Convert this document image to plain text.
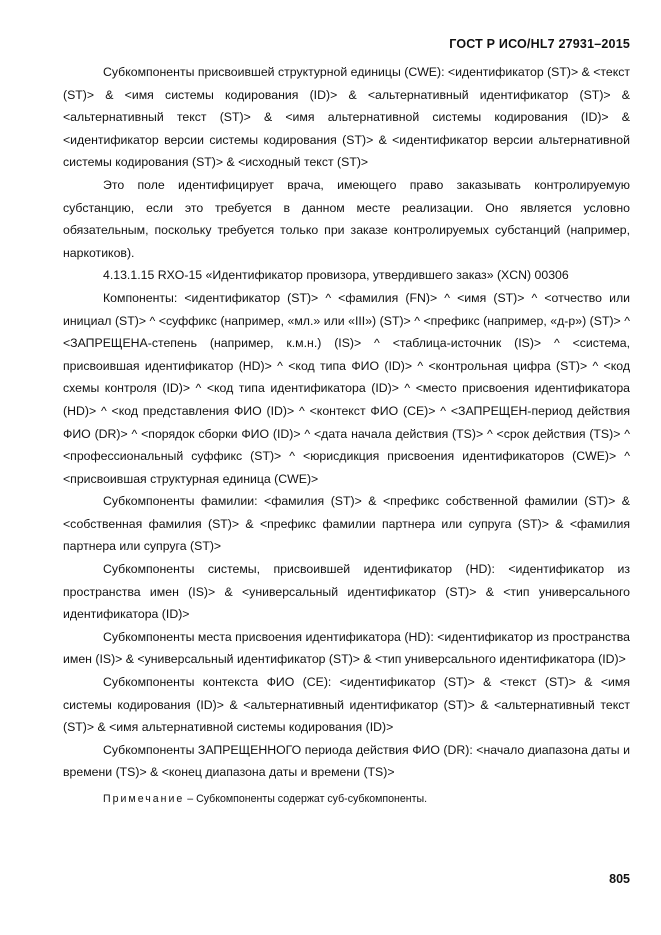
ГОСТ Р ИСО/HL7 27931–2015

Субкомпоненты присвоившей структурной единицы (CWE): <идентификатор (ST)> & <текст (ST)> & <имя системы кодирования (ID)> & <альтернативный идентификатор (ST)> & <альтернативный текст (ST)> & <имя альтернативной системы кодирования (ID)> & <идентификатор версии системы кодирования (ST)> & <идентификатор версии альтернативной системы кодирования (ST)> & <исходный текст (ST)>

Это поле идентифицирует врача, имеющего право заказывать контролируемую субстанцию, если это требуется в данном месте реализации. Оно является условно обязательным, поскольку требуется только при заказе контролируемых субстанций (например, наркотиков).

4.13.1.15 RXO-15 «Идентификатор провизора, утвердившего заказ» (XCN) 00306

Компоненты: <идентификатор (ST)> ^ <фамилия (FN)> ^ <имя (ST)> ^ <отчество или инициал (ST)> ^ <суффикс (например, «мл.» или «III») (ST)> ^ <префикс (например, «д-р») (ST)> ^ <ЗАПРЕЩЕНА-степень (например, к.м.н.) (IS)> ^ <таблица-источник (IS)> ^ <система, присвоившая идентификатор (HD)> ^ <код типа ФИО (ID)> ^ <контрольная цифра (ST)> ^ <код схемы контроля (ID)> ^ <код типа идентификатора (ID)> ^ <место присвоения идентификатора (HD)> ^ <код представления ФИО (ID)> ^ <контекст ФИО (CE)> ^ <ЗАПРЕЩЕН-период действия ФИО (DR)> ^ <порядок сборки ФИО (ID)> ^ <дата начала действия (TS)> ^ <срок действия (TS)> ^ <профессиональный суффикс (ST)> ^ <юрисдикция присвоения идентификаторов (CWE)> ^ <присвоившая структурная единица (CWE)>

Субкомпоненты фамилии: <фамилия (ST)> & <префикс собственной фамилии (ST)> & <собственная фамилия (ST)> & <префикс фамилии партнера или супруга (ST)> & <фамилия партнера или супруга (ST)>

Субкомпоненты системы, присвоившей идентификатор (HD): <идентификатор из пространства имен (IS)> & <универсальный идентификатор (ST)> & <тип универсального идентификатора (ID)>

Субкомпоненты места присвоения идентификатора (HD): <идентификатор из пространства имен (IS)> & <универсальный идентификатор (ST)> & <тип универсального идентификатора (ID)>

Субкомпоненты контекста ФИО (CE): <идентификатор (ST)> & <текст (ST)> & <имя системы кодирования (ID)> & <альтернативный идентификатор (ST)> & <альтернативный текст (ST)> & <имя альтернативной системы кодирования (ID)>

Субкомпоненты ЗАПРЕЩЕННОГО периода действия ФИО (DR): <начало диапазона даты и времени (TS)> & <конец диапазона даты и времени (TS)>

Примечание – Субкомпоненты содержат суб-субкомпоненты.

805
